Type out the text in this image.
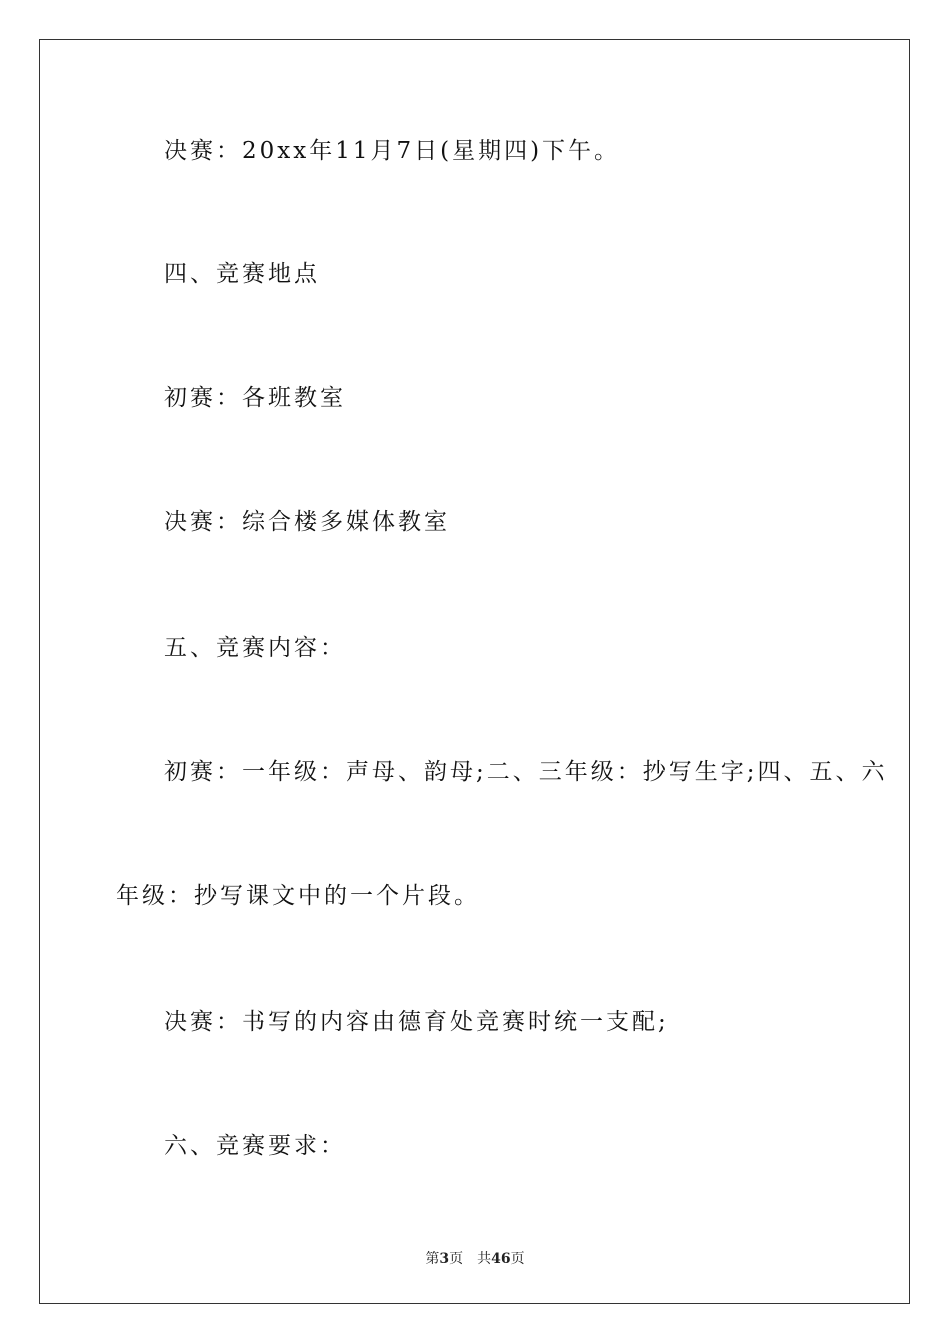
决赛：20xx年11月7日(星期四)下午。
四、竞赛地点
初赛：各班教室
决赛：综合楼多媒体教室
五、竞赛内容：
初赛：一年级：声母、韵母;二、三年级：抄写生字;四、五、六
年级：抄写课文中的一个片段。
决赛：书写的内容由德育处竞赛时统一支配;
六、竞赛要求：
第3页 共46页
